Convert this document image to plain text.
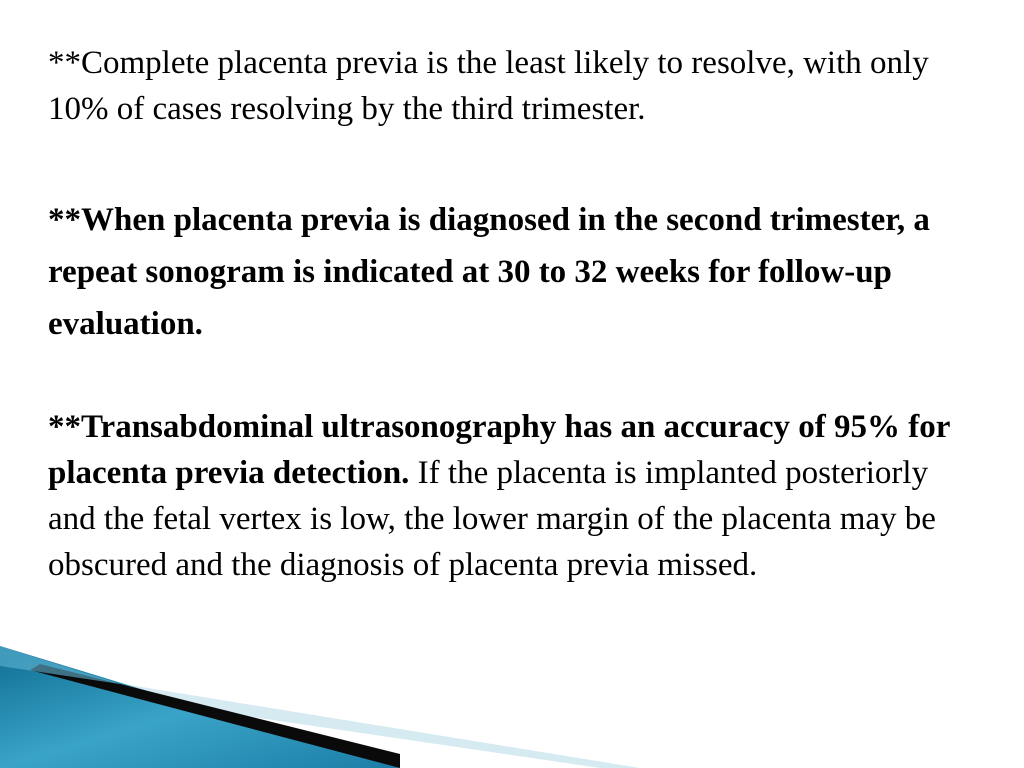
**Complete placenta previa is the least likely to resolve, with only 10% of cases resolving by the third trimester.

**When placenta previa is diagnosed in the second trimester, a repeat sonogram is indicated at 30 to 32 weeks for follow-up evaluation.

**Transabdominal ultrasonography has an accuracy of 95% for placenta previa detection. If the placenta is implanted posteriorly and the fetal vertex is low, the lower margin of the placenta may be obscured and the diagnosis of placenta previa missed.
